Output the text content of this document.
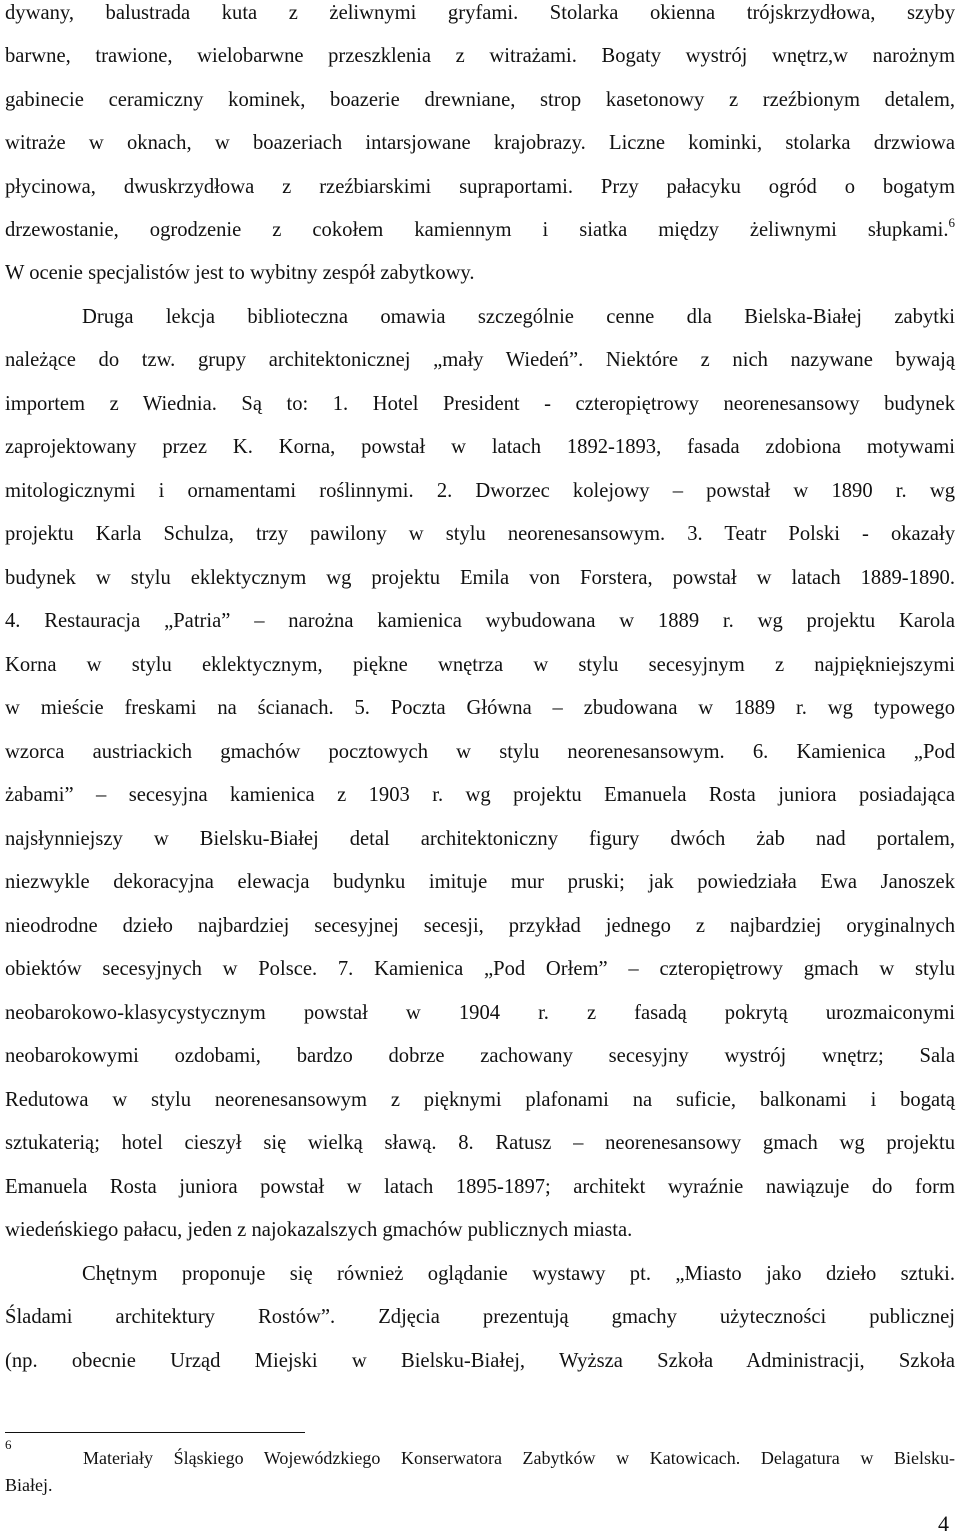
dywany, balustrada kuta z żeliwnymi gryfami. Stolarka okienna trójskrzydłowa, szyby
barwne, trawione, wielobarwne przeszklenia z witrażami. Bogaty wystrój wnętrz,w narożnym
gabinecie ceramiczny kominek, boazerie drewniane, strop kasetonowy z rzeźbionym detalem,
witraże w oknach, w boazeriach intarsjowane krajobrazy. Liczne kominki, stolarka drzwiowa
płycinowa, dwuskrzydłowa z rzeźbiarskimi supraportami. Przy pałacyku ogród o bogatym
drzewostanie, ogrodzenie z cokołem kamiennym i siatka między żeliwnymi słupkami.$^6$
W ocenie specjalistów jest to wybitny zespół zabytkowy.
Druga lekcja biblioteczna omawia szczególnie cenne dla Bielska-Białej zabytki
należące do tzw. grupy architektonicznej „mały Wiedeń”. Niektóre z nich nazywane bywają
importem z Wiednia. Są to: 1. Hotel President - czteropiętrowy neorenesansowy budynek
zaprojektowany przez K. Korna, powstał w latach 1892-1893, fasada zdobiona motywami
mitologicznymi i ornamentami roślinnymi. 2. Dworzec kolejowy – powstał w 1890 r. wg
projektu Karla Schulza, trzy pawilony w stylu neorenesansowym. 3. Teatr Polski - okazały
budynek w stylu eklektycznym wg projektu Emila von Forstera, powstał w latach 1889-1890.
4. Restauracja „Patria” – narożna kamienica wybudowana w 1889 r. wg projektu Karola
Korna w stylu eklektycznym, piękne wnętrza w stylu secesyjnym z najpiękniejszymi
w mieście freskami na ścianach. 5. Poczta Główna – zbudowana w 1889 r. wg typowego
wzorca austriackich gmachów pocztowych w stylu neorenesansowym. 6. Kamienica „Pod
żabami” – secesyjna kamienica z 1903 r. wg projektu Emanuela Rosta juniora posiadająca
najsłynniejszy w Bielsku-Białej detal architektoniczny figury dwóch żab nad portalem,
niezwykle dekoracyjna elewacja budynku imituje mur pruski; jak powiedziała Ewa Janoszek
nieodrodne dzieło najbardziej secesyjnej secesji, przykład jednego z najbardziej oryginalnych
obiektów secesyjnych w Polsce. 7. Kamienica „Pod Orłem” – czteropiętrowy gmach w stylu
neobarokowo-klasycystycznym powstał w 1904 r. z fasadą pokrytą urozmaiconymi
neobarokowymi ozdobami, bardzo dobrze zachowany secesyjny wystrój wnętrz; Sala
Redutowa w stylu neorenesansowym z pięknymi plafonami na suficie, balkonami i bogatą
sztukaterią; hotel cieszył się wielką sławą. 8. Ratusz – neorenesansowy gmach wg projektu
Emanuela Rosta juniora powstał w latach 1895-1897; architekt wyraźnie nawiązuje do form
wiedeńskiego pałacu, jeden z najokazalszych gmachów publicznych miasta.
Chętnym proponuje się również oglądanie wystawy pt. „Miasto jako dzieło sztuki.
Śladami architektury Rostów”. Zdjęcia prezentują gmachy użyteczności publicznej
(np. obecnie Urząd Miejski w Bielsku-Białej, Wyższa Szkoła Administracji, Szkoła
6
Materiały Śląskiego Wojewódzkiego Konserwatora Zabytków w Katowicach. Delagatura w Bielsku-
Białej.
4
